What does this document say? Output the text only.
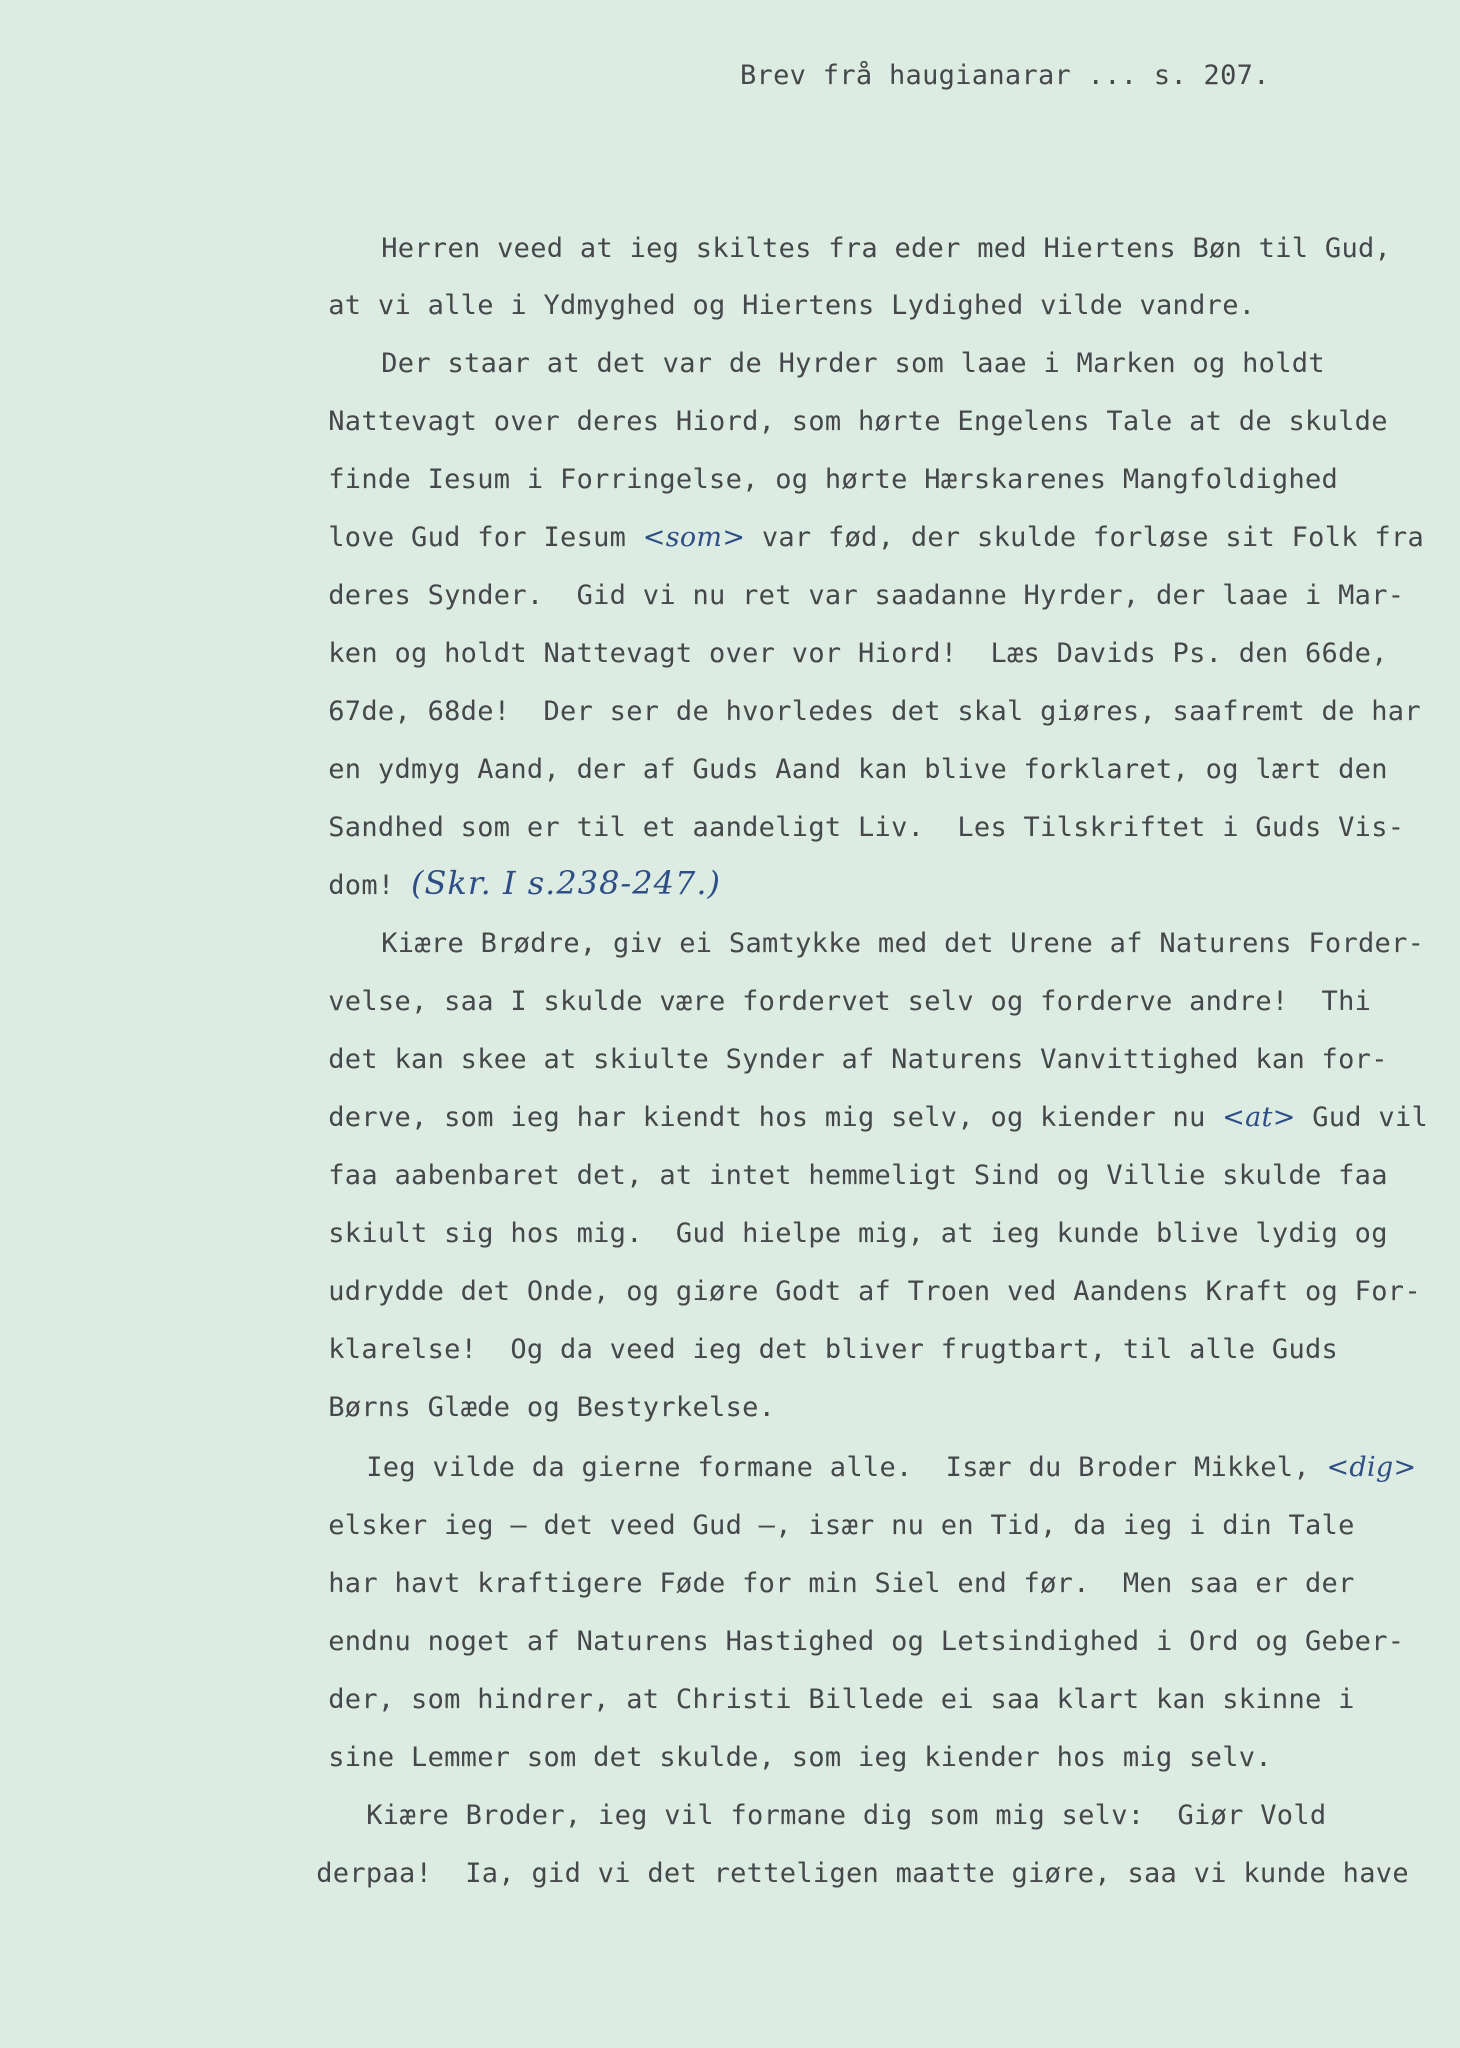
Brev frå haugianarar ... s. 207.

Herren veed at ieg skiltes fra eder med Hiertens Bøn til Gud,

at vi alle i Ydmyghed og Hiertens Lydighed vilde vandre.

Der staar at det var de Hyrder som laae i Marken og holdt

Nattevagt over deres Hiord, som hørte Engelens Tale at de skulde

finde Iesum i Forringelse, og hørte Hærskarenes Mangfoldighed

love Gud for Iesum <som> var fød, der skulde forløse sit Folk fra

deres Synder.  Gid vi nu ret var saadanne Hyrder, der laae i Mar-

ken og holdt Nattevagt over vor Hiord!  Læs Davids Ps. den 66de,

67de, 68de!  Der ser de hvorledes det skal giøres, saafremt de har

en ydmyg Aand, der af Guds Aand kan blive forklaret, og lært den

Sandhed som er til et aandeligt Liv.  Les Tilskriftet i Guds Vis-

dom! (Skr. I s.238-247.)

Kiære Brødre, giv ei Samtykke med det Urene af Naturens Forder-

velse, saa I skulde være fordervet selv og forderve andre!  Thi

det kan skee at skiulte Synder af Naturens Vanvittighed kan for-

derve, som ieg har kiendt hos mig selv, og kiender nu <at> Gud vil

faa aabenbaret det, at intet hemmeligt Sind og Villie skulde faa

skiult sig hos mig.  Gud hielpe mig, at ieg kunde blive lydig og

udrydde det Onde, og giøre Godt af Troen ved Aandens Kraft og For-

klarelse!  Og da veed ieg det bliver frugtbart, til alle Guds

Børns Glæde og Bestyrkelse.

Ieg vilde da gierne formane alle.  Især du Broder Mikkel, <dig>

elsker ieg — det veed Gud —, især nu en Tid, da ieg i din Tale

har havt kraftigere Føde for min Siel end før.  Men saa er der

endnu noget af Naturens Hastighed og Letsindighed i Ord og Geber-

der, som hindrer, at Christi Billede ei saa klart kan skinne i

sine Lemmer som det skulde, som ieg kiender hos mig selv.

Kiære Broder, ieg vil formane dig som mig selv:  Giør Vold

derpaa!  Ia, gid vi det retteligen maatte giøre, saa vi kunde have
